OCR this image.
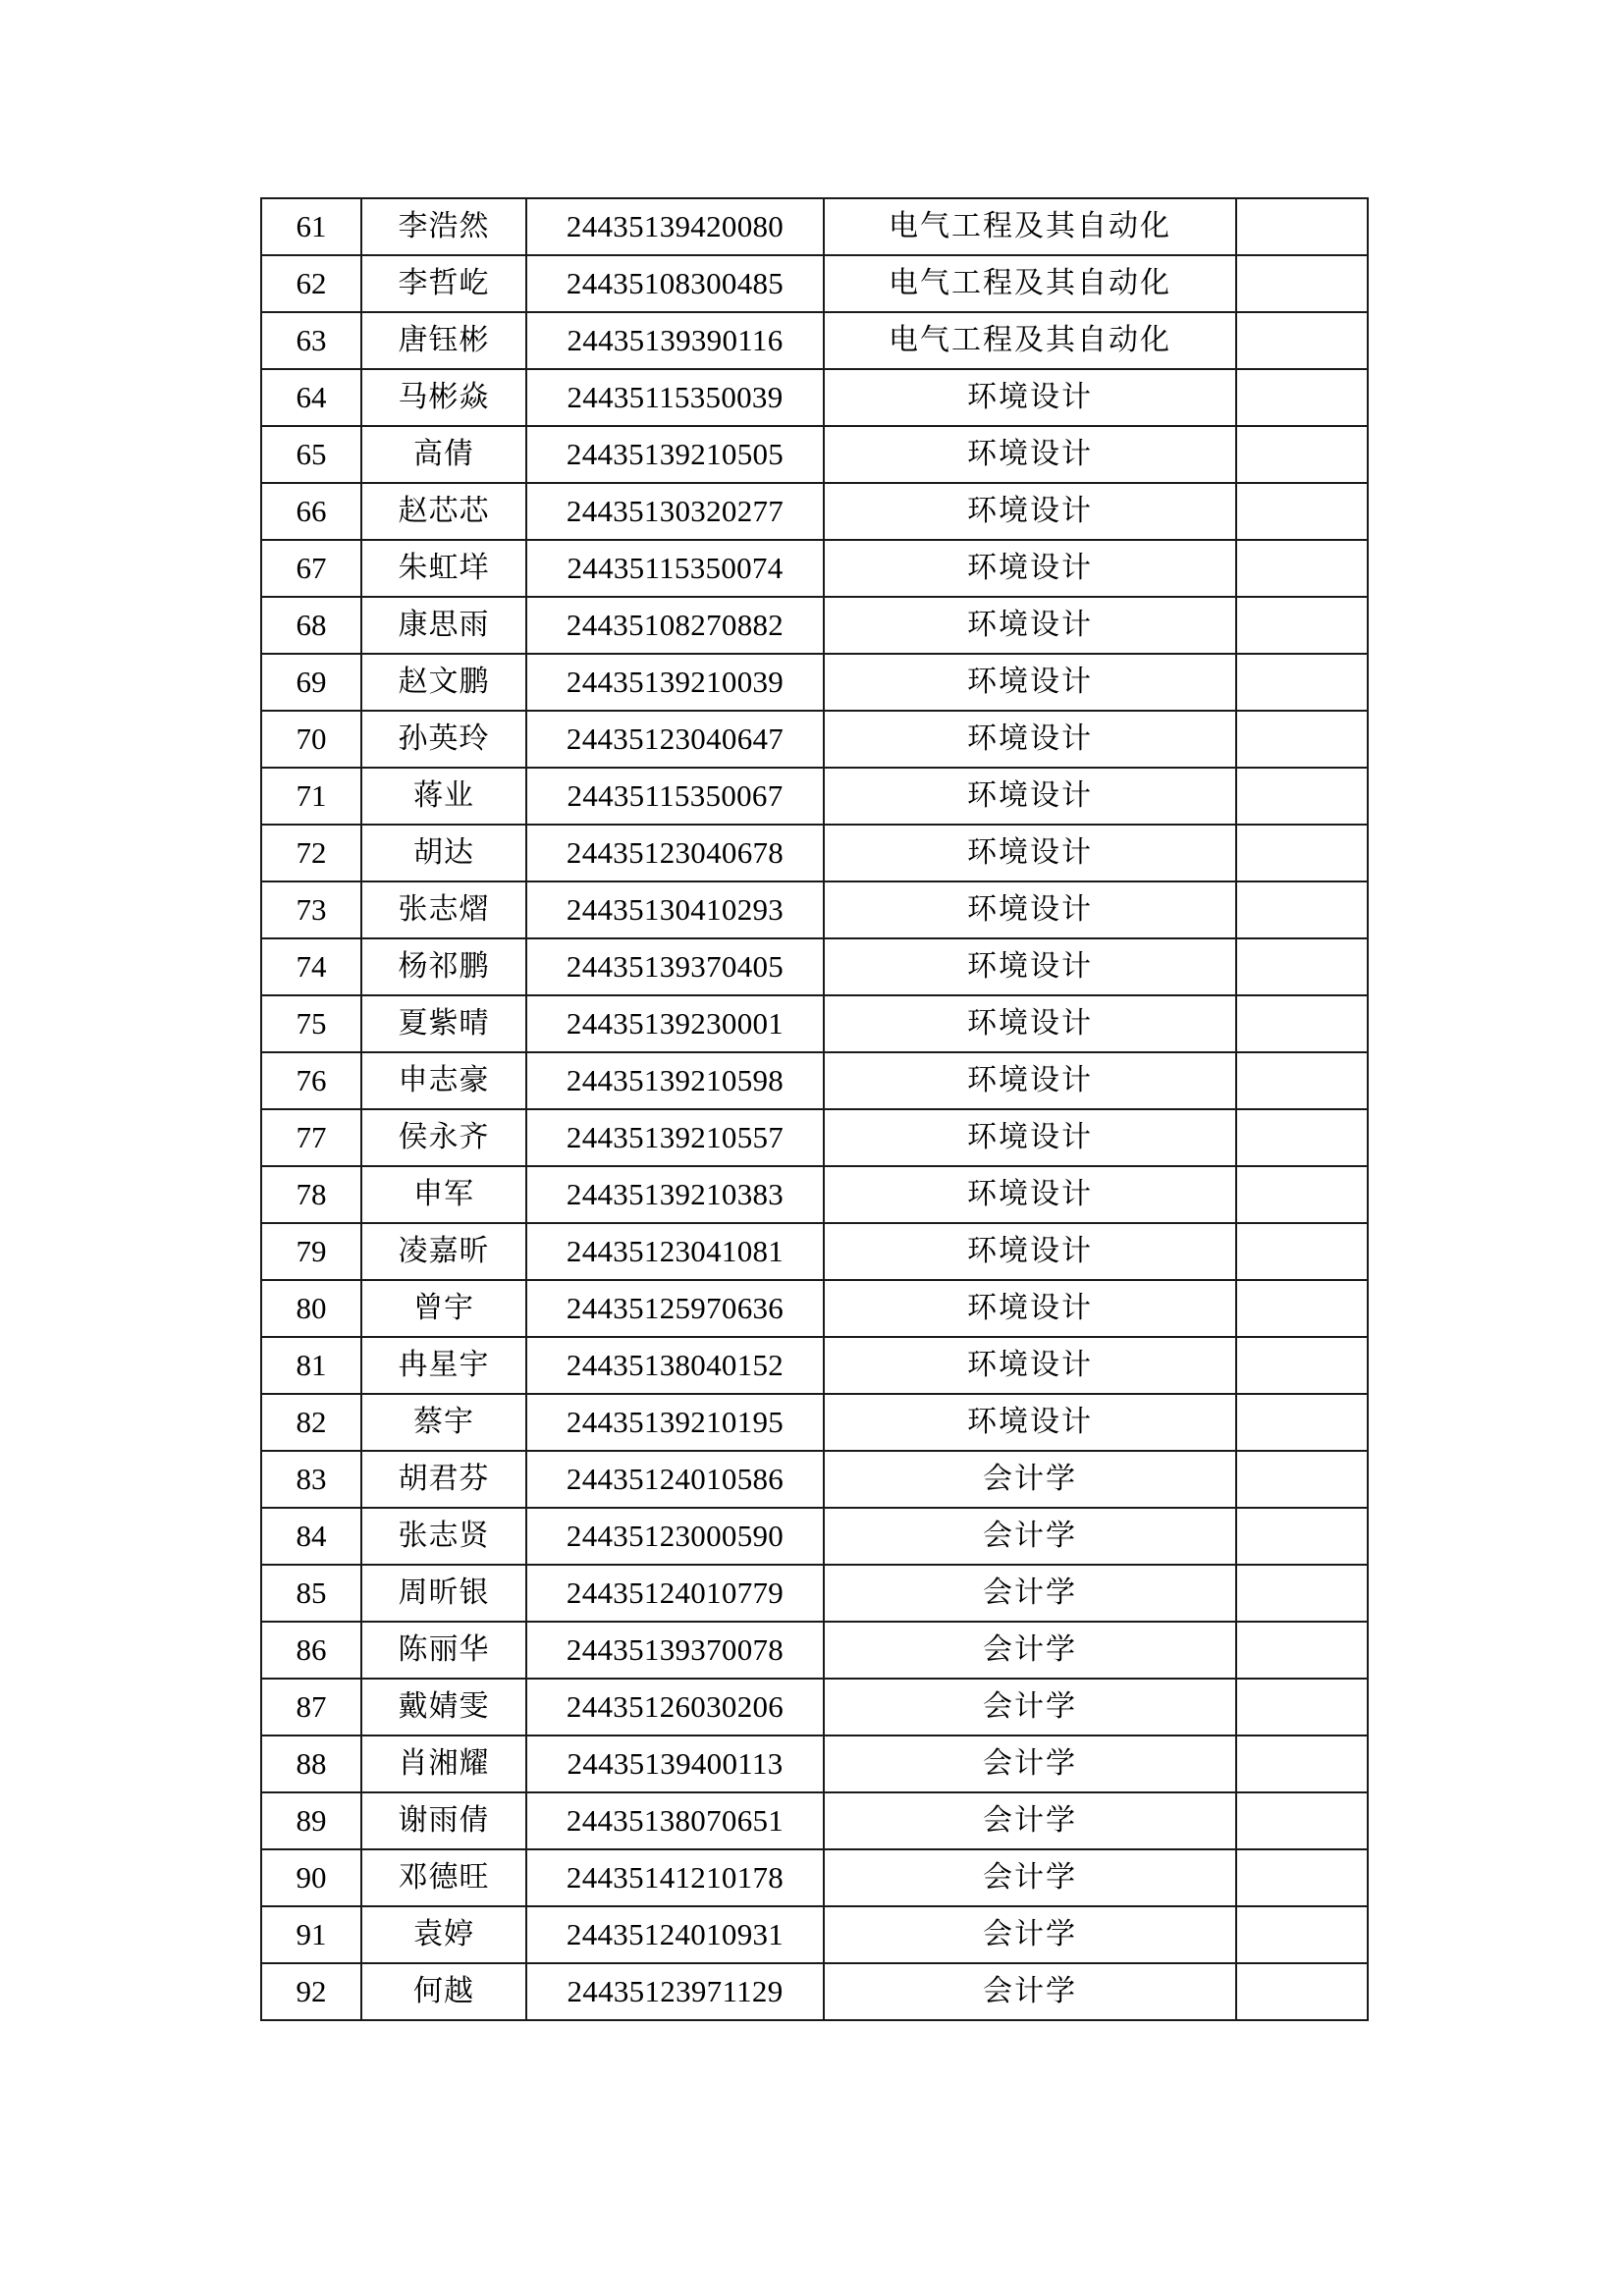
61	李浩然	24435139420080	电气工程及其自动化	
62	李哲屹	24435108300485	电气工程及其自动化	
63	唐钰彬	24435139390116	电气工程及其自动化	
64	马彬焱	24435115350039	环境设计	
65	高倩	24435139210505	环境设计	
66	赵芯芯	24435130320277	环境设计	
67	朱虹垟	24435115350074	环境设计	
68	康思雨	24435108270882	环境设计	
69	赵文鹏	24435139210039	环境设计	
70	孙英玲	24435123040647	环境设计	
71	蒋业	24435115350067	环境设计	
72	胡达	24435123040678	环境设计	
73	张志熠	24435130410293	环境设计	
74	杨祁鹏	24435139370405	环境设计	
75	夏紫晴	24435139230001	环境设计	
76	申志豪	24435139210598	环境设计	
77	侯永齐	24435139210557	环境设计	
78	申军	24435139210383	环境设计	
79	凌嘉昕	24435123041081	环境设计	
80	曾宇	24435125970636	环境设计	
81	冉星宇	24435138040152	环境设计	
82	蔡宇	24435139210195	环境设计	
83	胡君芬	24435124010586	会计学	
84	张志贤	24435123000590	会计学	
85	周昕银	24435124010779	会计学	
86	陈丽华	24435139370078	会计学	
87	戴婧雯	24435126030206	会计学	
88	肖湘耀	24435139400113	会计学	
89	谢雨倩	24435138070651	会计学	
90	邓德旺	24435141210178	会计学	
91	袁婷	24435124010931	会计学	
92	何越	24435123971129	会计学	
